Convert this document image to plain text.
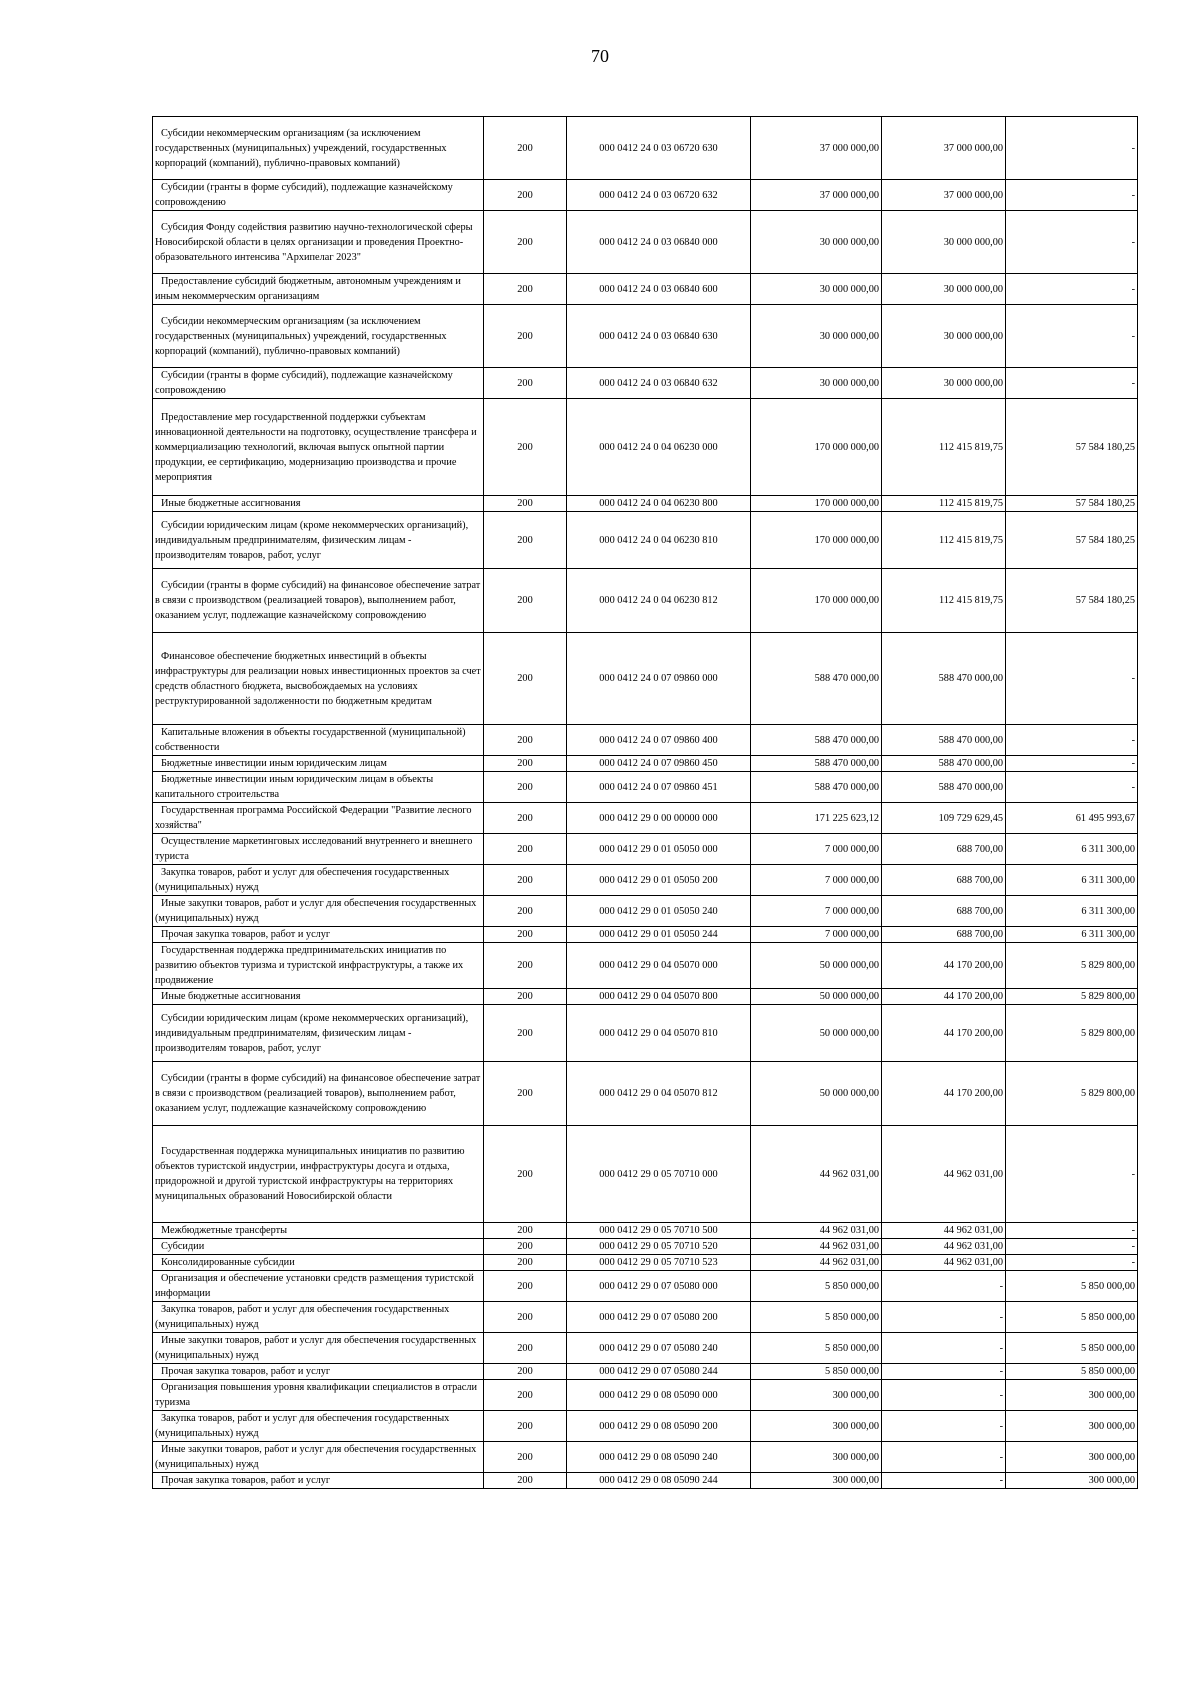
70
Субсидии некоммерческим организациям (за исключением государственных (муниципальных) учреждений, государственных корпораций (компаний), публично-правовых компаний)	200	000 0412 24 0 03 06720 630	37 000 000,00	37 000 000,00	-
Субсидии (гранты в форме субсидий), подлежащие казначейскому сопровождению	200	000 0412 24 0 03 06720 632	37 000 000,00	37 000 000,00	-
Субсидия Фонду содействия развитию научно-технологической сферы Новосибирской области в целях организации и проведения Проектно-образовательного интенсива "Архипелаг 2023"	200	000 0412 24 0 03 06840 000	30 000 000,00	30 000 000,00	-
Предоставление субсидий бюджетным, автономным учреждениям и иным некоммерческим организациям	200	000 0412 24 0 03 06840 600	30 000 000,00	30 000 000,00	-
Субсидии некоммерческим организациям (за исключением государственных (муниципальных) учреждений, государственных корпораций (компаний), публично-правовых компаний)	200	000 0412 24 0 03 06840 630	30 000 000,00	30 000 000,00	-
Субсидии (гранты в форме субсидий), подлежащие казначейскому сопровождению	200	000 0412 24 0 03 06840 632	30 000 000,00	30 000 000,00	-
Предоставление мер государственной поддержки субъектам инновационной деятельности на подготовку, осуществление трансфера и коммерциализацию технологий, включая выпуск опытной партии продукции, ее сертификацию, модернизацию производства и прочие мероприятия	200	000 0412 24 0 04 06230 000	170 000 000,00	112 415 819,75	57 584 180,25
Иные бюджетные ассигнования	200	000 0412 24 0 04 06230 800	170 000 000,00	112 415 819,75	57 584 180,25
Субсидии юридическим лицам (кроме некоммерческих организаций), индивидуальным предпринимателям, физическим лицам - производителям товаров, работ, услуг	200	000 0412 24 0 04 06230 810	170 000 000,00	112 415 819,75	57 584 180,25
Субсидии (гранты в форме субсидий) на финансовое обеспечение затрат в связи с производством (реализацией товаров), выполнением работ, оказанием услуг, подлежащие казначейскому сопровождению	200	000 0412 24 0 04 06230 812	170 000 000,00	112 415 819,75	57 584 180,25
Финансовое обеспечение бюджетных инвестиций в объекты инфраструктуры для реализации новых инвестиционных проектов за счет средств областного бюджета, высвобождаемых на условиях реструктурированной задолженности по бюджетным кредитам	200	000 0412 24 0 07 09860 000	588 470 000,00	588 470 000,00	-
Капитальные вложения в объекты государственной (муниципальной) собственности	200	000 0412 24 0 07 09860 400	588 470 000,00	588 470 000,00	-
Бюджетные инвестиции иным юридическим лицам	200	000 0412 24 0 07 09860 450	588 470 000,00	588 470 000,00	-
Бюджетные инвестиции иным юридическим лицам в объекты капитального строительства	200	000 0412 24 0 07 09860 451	588 470 000,00	588 470 000,00	-
Государственная программа Российской Федерации "Развитие лесного хозяйства"	200	000 0412 29 0 00 00000 000	171 225 623,12	109 729 629,45	61 495 993,67
Осуществление маркетинговых исследований внутреннего и внешнего туриста	200	000 0412 29 0 01 05050 000	7 000 000,00	688 700,00	6 311 300,00
Закупка товаров, работ и услуг для обеспечения государственных (муниципальных) нужд	200	000 0412 29 0 01 05050 200	7 000 000,00	688 700,00	6 311 300,00
Иные закупки товаров, работ и услуг для обеспечения государственных (муниципальных) нужд	200	000 0412 29 0 01 05050 240	7 000 000,00	688 700,00	6 311 300,00
Прочая закупка товаров, работ и услуг	200	000 0412 29 0 01 05050 244	7 000 000,00	688 700,00	6 311 300,00
Государственная поддержка предпринимательских инициатив по развитию объектов туризма и туристской инфраструктуры, а также их продвижение	200	000 0412 29 0 04 05070 000	50 000 000,00	44 170 200,00	5 829 800,00
Иные бюджетные ассигнования	200	000 0412 29 0 04 05070 800	50 000 000,00	44 170 200,00	5 829 800,00
Субсидии юридическим лицам (кроме некоммерческих организаций), индивидуальным предпринимателям, физическим лицам - производителям товаров, работ, услуг	200	000 0412 29 0 04 05070 810	50 000 000,00	44 170 200,00	5 829 800,00
Субсидии (гранты в форме субсидий) на финансовое обеспечение затрат в связи с производством (реализацией товаров), выполнением работ, оказанием услуг, подлежащие казначейскому сопровождению	200	000 0412 29 0 04 05070 812	50 000 000,00	44 170 200,00	5 829 800,00
Государственная поддержка муниципальных инициатив по развитию объектов туристской индустрии, инфраструктуры досуга и отдыха, придорожной и другой туристской инфраструктуры на территориях муниципальных образований Новосибирской области	200	000 0412 29 0 05 70710 000	44 962 031,00	44 962 031,00	-
Межбюджетные трансферты	200	000 0412 29 0 05 70710 500	44 962 031,00	44 962 031,00	-
Субсидии	200	000 0412 29 0 05 70710 520	44 962 031,00	44 962 031,00	-
Консолидированные субсидии	200	000 0412 29 0 05 70710 523	44 962 031,00	44 962 031,00	-
Организация и обеспечение установки средств размещения туристской информации	200	000 0412 29 0 07 05080 000	5 850 000,00	-	5 850 000,00
Закупка товаров, работ и услуг для обеспечения государственных (муниципальных) нужд	200	000 0412 29 0 07 05080 200	5 850 000,00	-	5 850 000,00
Иные закупки товаров, работ и услуг для обеспечения государственных (муниципальных) нужд	200	000 0412 29 0 07 05080 240	5 850 000,00	-	5 850 000,00
Прочая закупка товаров, работ и услуг	200	000 0412 29 0 07 05080 244	5 850 000,00	-	5 850 000,00
Организация повышения уровня квалификации специалистов в отрасли туризма	200	000 0412 29 0 08 05090 000	300 000,00	-	300 000,00
Закупка товаров, работ и услуг для обеспечения государственных (муниципальных) нужд	200	000 0412 29 0 08 05090 200	300 000,00	-	300 000,00
Иные закупки товаров, работ и услуг для обеспечения государственных (муниципальных) нужд	200	000 0412 29 0 08 05090 240	300 000,00	-	300 000,00
Прочая закупка товаров, работ и услуг	200	000 0412 29 0 08 05090 244	300 000,00	-	300 000,00
